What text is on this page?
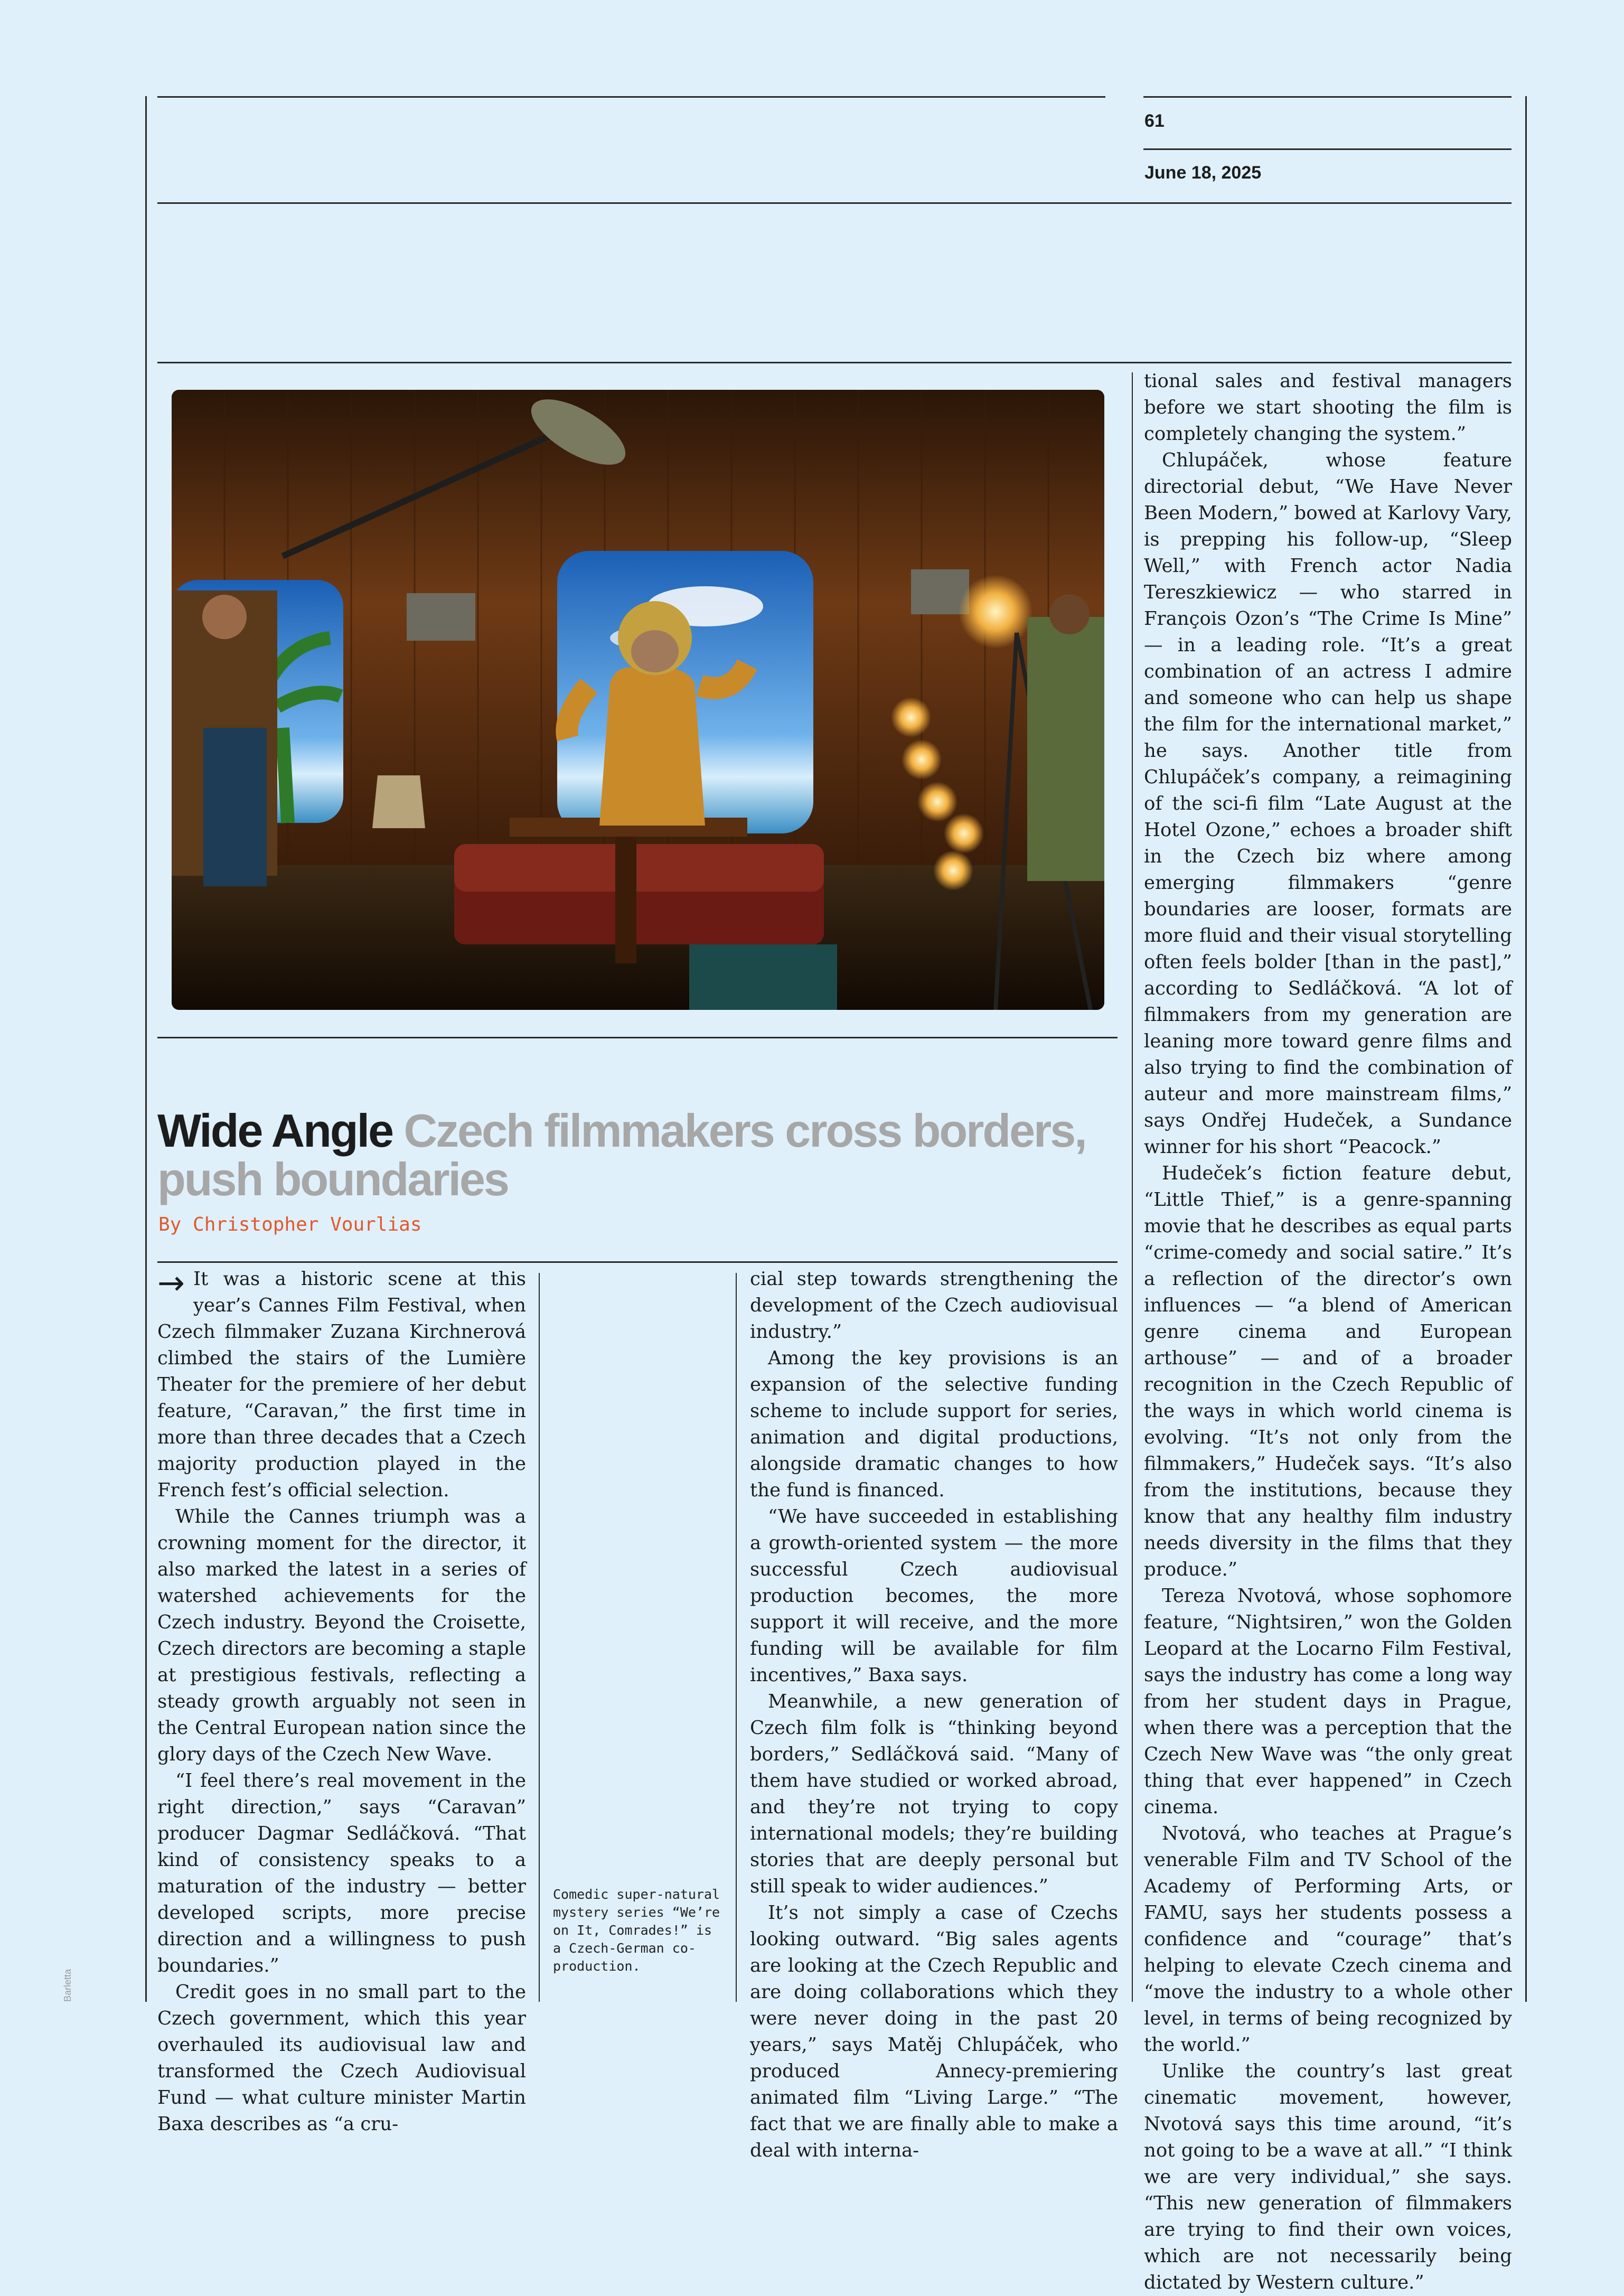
61
June 18, 2025
Wide Angle Czech filmmakers cross borders, push boundaries
By Christopher Vourlias
→ It was a historic scene at this year’s Cannes Film Festival, when Czech filmmaker Zuzana Kirchnerová climbed the stairs of the Lumière Theater for the premiere of her debut feature, “Caravan,” the first time in more than three decades that a Czech majority production played in the French fest’s official selection.

While the Cannes triumph was a crowning moment for the director, it also marked the latest in a series of watershed achievements for the Czech industry. Beyond the Croisette, Czech directors are becoming a staple at prestigious festivals, reflecting a steady growth arguably not seen in the Central European nation since the glory days of the Czech New Wave.

“I feel there’s real movement in the right direction,” says “Caravan” producer Dagmar Sedláčková. “That kind of consistency speaks to a maturation of the industry — better developed scripts, more precise direction and a willingness to push boundaries.”

Credit goes in no small part to the Czech government, which this year overhauled its audiovisual law and transformed the Czech Audiovisual Fund — what culture minister Martin Baxa describes as “a cru-

Comedic super-natural mystery series “We’re on It, Comrades!” is a Czech-German co-production.

cial step towards strengthening the development of the Czech audiovisual industry.”

Among the key provisions is an expansion of the selective funding scheme to include support for series, animation and digital productions, alongside dramatic changes to how the fund is financed.

“We have succeeded in establishing a growth-oriented system — the more successful Czech audiovisual production becomes, the more support it will receive, and the more funding will be available for film incentives,” Baxa says.

Meanwhile, a new generation of Czech film folk is “thinking beyond borders,” Sedláčková said. “Many of them have studied or worked abroad, and they’re not trying to copy international models; they’re building stories that are deeply personal but still speak to wider audiences.”

It’s not simply a case of Czechs looking outward. “Big sales agents are looking at the Czech Republic and are doing collaborations which they were never doing in the past 20 years,” says Matěj Chlupáček, who produced Annecy-premiering animated film “Living Large.” “The fact that we are finally able to make a deal with interna-

tional sales and festival managers before we start shooting the film is completely changing the system.”

Chlupáček, whose feature directorial debut, “We Have Never Been Modern,” bowed at Karlovy Vary, is prepping his follow-up, “Sleep Well,” with French actor Nadia Tereszkiewicz — who starred in François Ozon’s “The Crime Is Mine” — in a leading role. “It’s a great combination of an actress I admire and someone who can help us shape the film for the international market,” he says. Another title from Chlupáček’s company, a reimagining of the sci-fi film “Late August at the Hotel Ozone,” echoes a broader shift in the Czech biz where among emerging filmmakers “genre boundaries are looser, formats are more fluid and their visual storytelling often feels bolder [than in the past],” according to Sedláčková. “A lot of filmmakers from my generation are leaning more toward genre films and also trying to find the combination of auteur and more mainstream films,” says Ondřej Hudeček, a Sundance winner for his short “Peacock.”

Hudeček’s fiction feature debut, “Little Thief,” is a genre-spanning movie that he describes as equal parts “crime-comedy and social satire.” It’s a reflection of the director’s own influences — “a blend of American genre cinema and European arthouse” — and of a broader recognition in the Czech Republic of the ways in which world cinema is evolving. “It’s not only from the filmmakers,” Hudeček says. “It’s also from the institutions, because they know that any healthy film industry needs diversity in the films that they produce.”

Tereza Nvotová, whose sophomore feature, “Nightsiren,” won the Golden Leopard at the Locarno Film Festival, says the industry has come a long way from her student days in Prague, when there was a perception that the Czech New Wave was “the only great thing that ever happened” in Czech cinema.

Nvotová, who teaches at Prague’s venerable Film and TV School of the Academy of Performing Arts, or FAMU, says her students possess a confidence and “courage” that’s helping to elevate Czech cinema and “move the industry to a whole other level, in terms of being recognized by the world.”

Unlike the country’s last great cinematic movement, however, Nvotová says this time around, “it’s not going to be a wave at all.” “I think we are very individual,” she says. “This new generation of filmmakers are trying to find their own voices, which are not necessarily being dictated by Western culture.”

Barletta
